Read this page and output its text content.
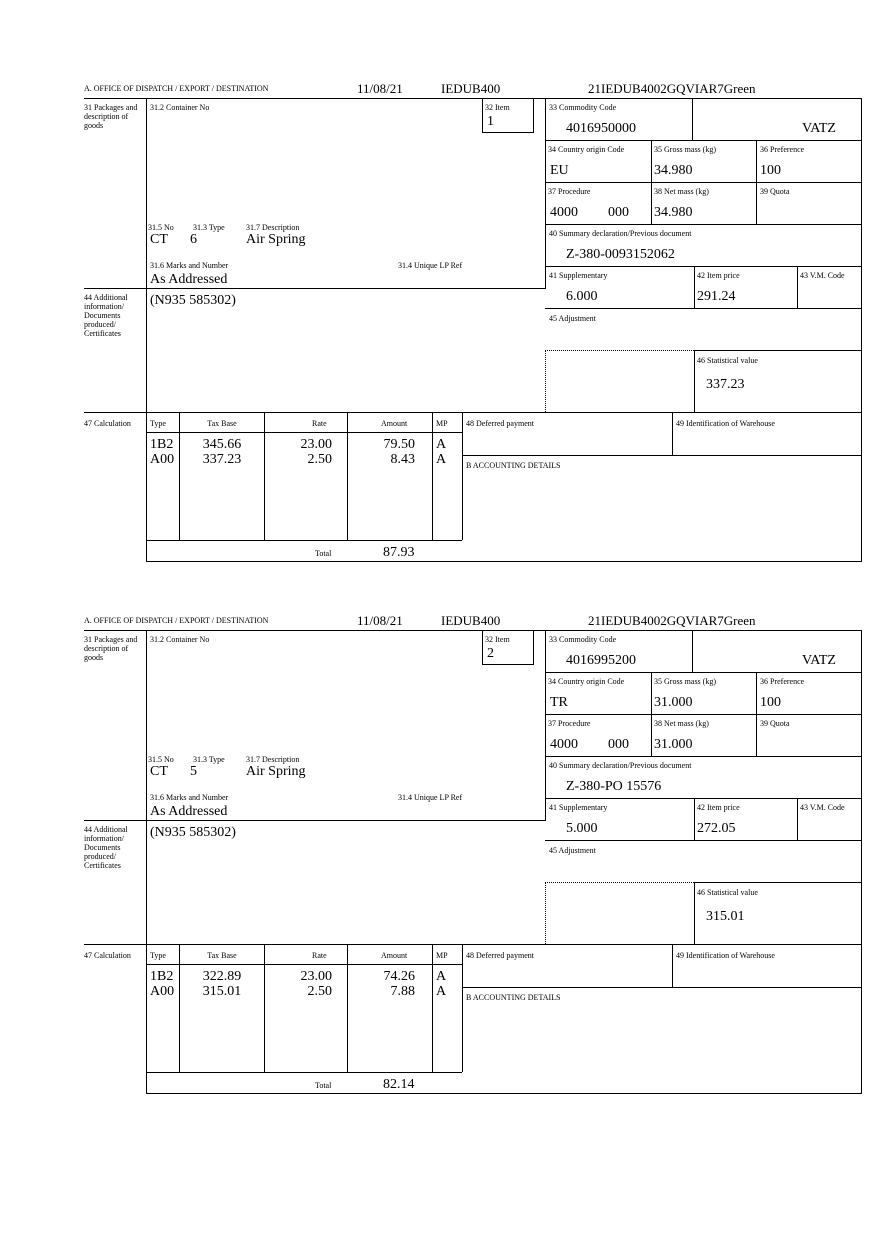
A. OFFICE OF DISPATCH / EXPORT / DESTINATION	11/08/21	IEDUB400	21IEDUB4002GQVIAR7Green
31 Packages and description of goods
31.2 Container No	32 Item
1
31.5 No 31.3 Type	31.7 Description
CT 6	Air Spring
31.6 Marks and Number	31.4 Unique LP Ref
As Addressed
44 Additional information/ Documents produced/ Certificates
(N935 585302)
33 Commodity Code
4016950000	VATZ
34 Country origin Code
EU
35 Gross mass (kg)
34.980
36 Preference
100
37 Procedure
4000 000
38 Net mass (kg)
34.980
39 Quota
40 Summary declaration/Previous document
Z-380-0093152062
41 Supplementary
6.000
42 Item price
291.24
43 V.M. Code
45 Adjustment
46 Statistical value
337.23
47 Calculation	Type	Tax Base	Rate	Amount	MP
1B2	345.66	23.00	79.50 A
A00	337.23	2.50	8.43 A
Total	87.93
48 Deferred payment	49 Identification of Warehouse
B ACCOUNTING DETAILS
A. OFFICE OF DISPATCH / EXPORT / DESTINATION	11/08/21	IEDUB400	21IEDUB4002GQVIAR7Green
31 Packages and description of goods
31.2 Container No	32 Item
2
31.5 No 31.3 Type	31.7 Description
CT 5	Air Spring
31.6 Marks and Number	31.4 Unique LP Ref
As Addressed
44 Additional information/ Documents produced/ Certificates
(N935 585302)
33 Commodity Code
4016995200	VATZ
34 Country origin Code
TR
35 Gross mass (kg)
31.000
36 Preference
100
37 Procedure
4000 000
38 Net mass (kg)
31.000
39 Quota
40 Summary declaration/Previous document
Z-380-PO 15576
41 Supplementary
5.000
42 Item price
272.05
43 V.M. Code
45 Adjustment
46 Statistical value
315.01
47 Calculation	Type	Tax Base	Rate	Amount	MP
1B2	322.89	23.00	74.26 A
A00	315.01	2.50	7.88 A
Total	82.14
48 Deferred payment	49 Identification of Warehouse
B ACCOUNTING DETAILS
